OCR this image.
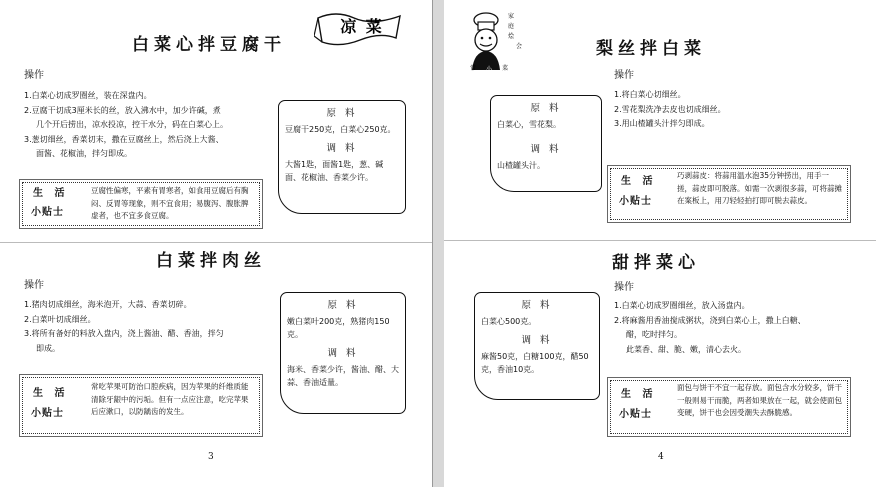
白菜心拌豆腐干
凉 菜
操作

1.白菜心切成罗圈丝，装在深盘内。

2.豆腐干切成3厘米长的丝，放入沸水中，加少许碱，煮

几个开后捞出，凉水投凉，控干水分，码在白菜心上。

3.葱切细丝，香菜切末，撒在豆腐丝上，然后浇上大酱、

面酱、花椒油，拌匀即成。

原 料
豆腐干250克，白菜心250克。
调 料
大酱1匙，面酱1匙，葱、碱面、花椒油、香菜少许。
生 活
小贴士
豆腐性偏寒，平素有胃寒者，如食用豆腐后有胸闷、反胃等现象，则不宜食用；易腹泻、腹胀脾虚者，也不宜多食豆腐。
白菜拌肉丝
操作

1.猪肉切成细丝，海米泡开，大蒜、香菜切碎。

2.白菜叶切成细丝。

3.将所有备好的料放入盘内，浇上酱油、醋、香油，拌匀

即成。

原 料
嫩白菜叶200克，熟猪肉150克。
调 料
海米、香菜少许，酱油、醋、大蒜、香油适量。
生 活
小贴士
常吃苹果可防治口腔疾病，因为苹果的纤维质能清除牙龈中的污垢。但有一点应注意，吃完苹果后应漱口，以防龋齿的发生。
3
家
庭
烩
会
常 小 菜
梨丝拌白菜
操作

1.将白菜心切细丝。

2.雪花梨洗净去皮也切成细丝。

3.用山楂罐头汁拌匀即成。

原 料
白菜心，雪花梨。
调 料
山楂罐头汁。
生 活
小贴士
巧剥蒜皮：将蒜用温水泡35分钟捞出，用手一搓，蒜皮即可脱落。如需一次剥很多蒜，可将蒜摊在案板上，用刀轻轻拍打即可脱去蒜皮。
甜拌菜心
操作

1.白菜心切成罗圈细丝，放入汤盘内。

2.将麻酱用香油搅成粥状，浇到白菜心上，撒上白糖、

醋，吃时拌匀。

此菜香、甜、脆、嫩，清心去火。

原 料
白菜心500克。
调 料
麻酱50克，白糖100克，醋50克，香油10克。
生 活
小贴士
面包与饼干不宜一起存放。面包含水分较多，饼干一般则易干而脆，两者如果放在一起，就会使面包变硬，饼干也会因受潮失去酥脆感。
4
